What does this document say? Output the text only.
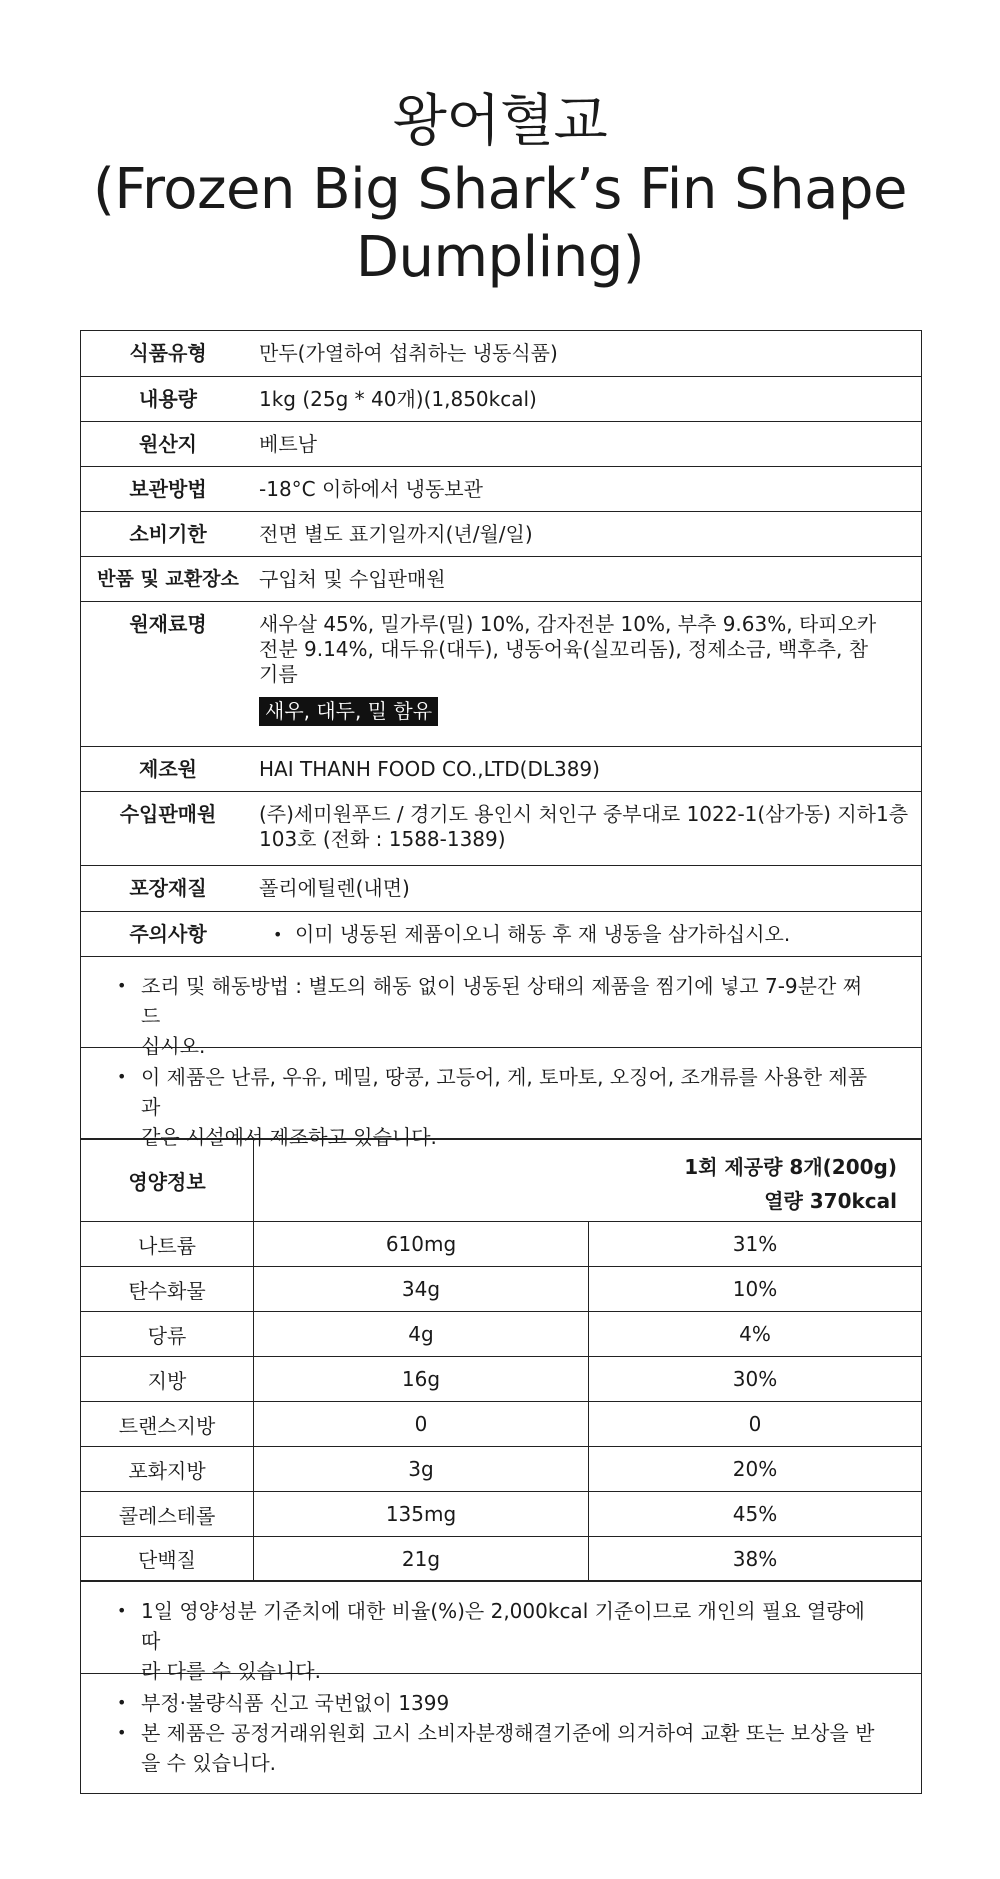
왕어혈교
(Frozen Big Shark’s Fin Shape
Dumpling)
식품유형	만두(가열하여 섭취하는 냉동식품)
내용량	1kg (25g * 40개)(1,850kcal)
원산지	베트남
보관방법	-18°C 이하에서 냉동보관
소비기한	전면 별도 표기일까지(년/월/일)
반품 및 교환장소	구입처 및 수입판매원
원재료명	새우살 45%, 밀가루(밀) 10%, 감자전분 10%, 부추 9.63%, 타피오카
전분 9.14%, 대두유(대두), 냉동어육(실꼬리돔), 정제소금, 백후추, 참
기름
새우, 대두, 밀 함유
제조원	HAI THANH FOOD CO.,LTD(DL389)
수입판매원	(주)세미원푸드 / 경기도 용인시 처인구 중부대로 1022-1(삼가동) 지하1층
103호 (전화 : 1588-1389)
포장재질	폴리에틸렌(내면)
주의사항
•	이미 냉동된 제품이오니 해동 후 재 냉동을 삼가하십시오.
• 조리 및 해동방법 : 별도의 해동 없이 냉동된 상태의 제품을 찜기에 넣고 7-9분간 쪄드
십시오.
• 이 제품은 난류, 우유, 메밀, 땅콩, 고등어, 게, 토마토, 오징어, 조개류를 사용한 제품과
같은 시설에서 제조하고 있습니다.
영양정보
1회 제공량 8개(200g)
열량 370kcal
나트륨	610mg	31%
탄수화물	34g	10%
당류	4g	4%
지방	16g	30%
트랜스지방	0	0
포화지방	3g	20%
콜레스테롤	135mg	45%
단백질	21g	38%
• 1일 영양성분 기준치에 대한 비율(%)은 2,000kcal 기준이므로 개인의 필요 열량에 따
라 다를 수 있습니다.
• 부정·불량식품 신고 국번없이 1399
• 본 제품은 공정거래위원회 고시 소비자분쟁해결기준에 의거하여 교환 또는 보상을 받
을 수 있습니다.
